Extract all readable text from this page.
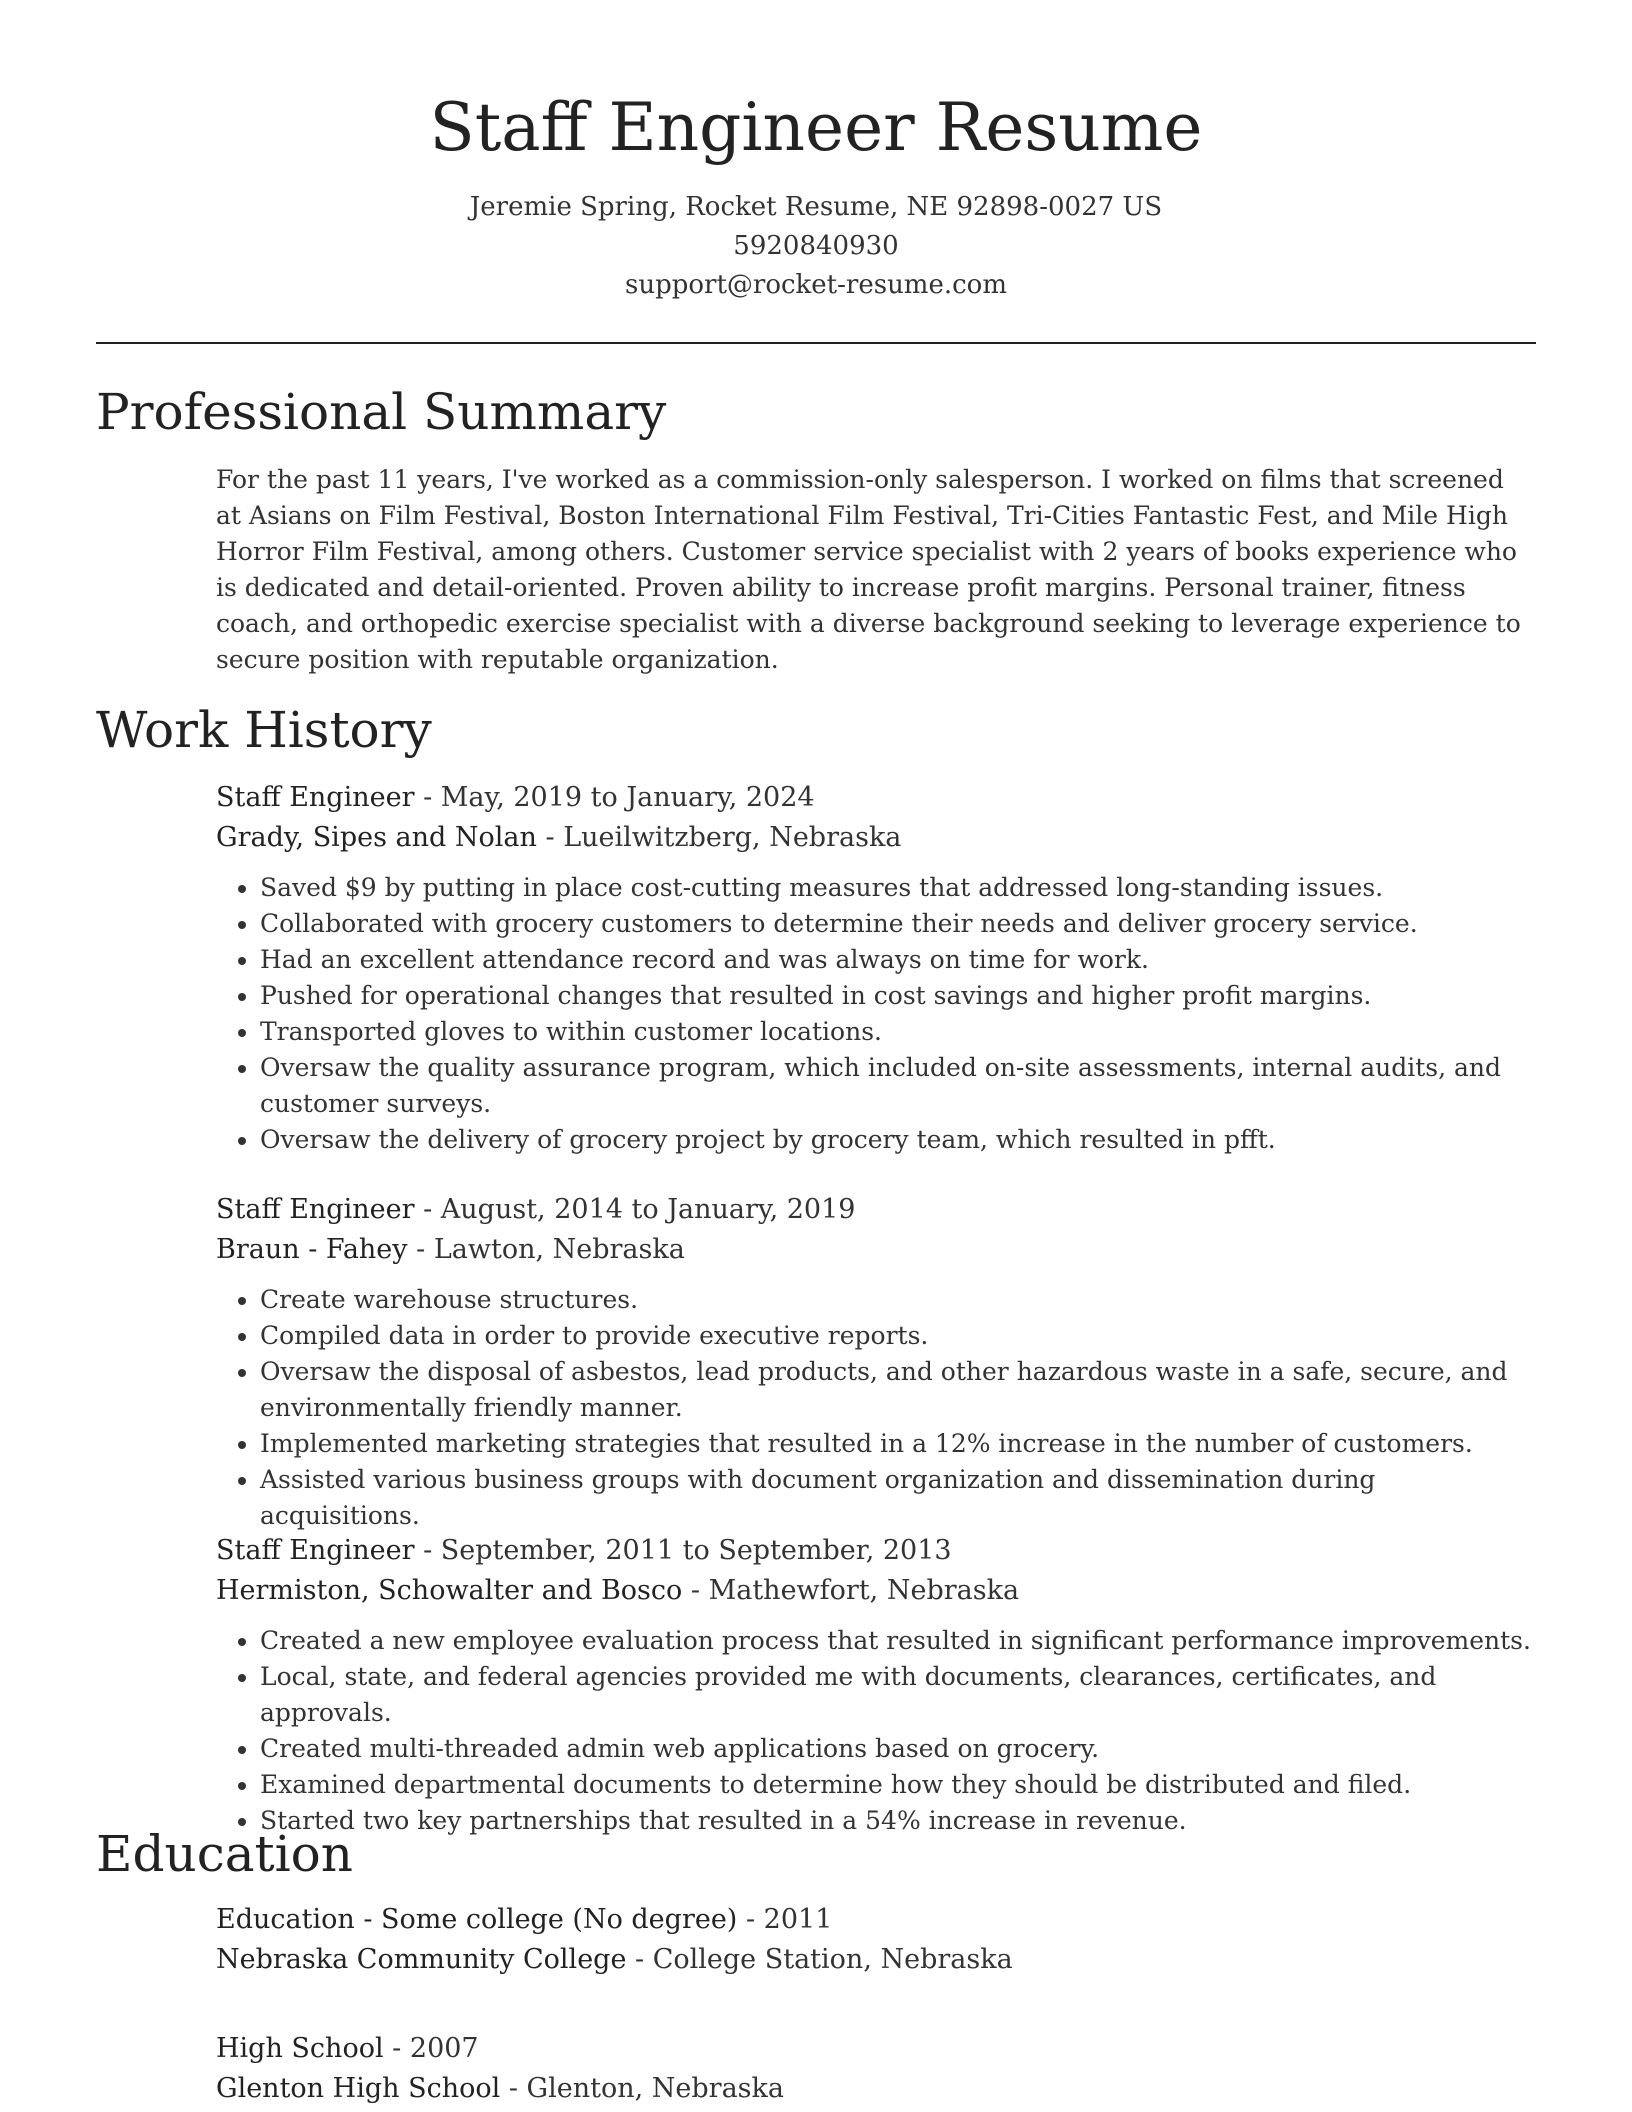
Staff Engineer Resume
Jeremie Spring, Rocket Resume, NE 92898-0027 US
5920840930
support@rocket-resume.com
Professional Summary

For the past 11 years, I've worked as a commission-only salesperson. I worked on films that screened at Asians on Film Festival, Boston International Film Festival, Tri-Cities Fantastic Fest, and Mile High Horror Film Festival, among others. Customer service specialist with 2 years of books experience who is dedicated and detail-oriented. Proven ability to increase profit margins. Personal trainer, fitness coach, and orthopedic exercise specialist with a diverse background seeking to leverage experience to secure position with reputable organization.

Work History
Staff Engineer - May, 2019 to January, 2024
Grady, Sipes and Nolan - Lueilwitzberg, Nebraska
• Saved $9 by putting in place cost-cutting measures that addressed long-standing issues.
• Collaborated with grocery customers to determine their needs and deliver grocery service.
• Had an excellent attendance record and was always on time for work.
• Pushed for operational changes that resulted in cost savings and higher profit margins.
• Transported gloves to within customer locations.
• Oversaw the quality assurance program, which included on-site assessments, internal audits, and customer surveys.
• Oversaw the delivery of grocery project by grocery team, which resulted in pfft.
Staff Engineer - August, 2014 to January, 2019
Braun - Fahey - Lawton, Nebraska
• Create warehouse structures.
• Compiled data in order to provide executive reports.
• Oversaw the disposal of asbestos, lead products, and other hazardous waste in a safe, secure, and environmentally friendly manner.
• Implemented marketing strategies that resulted in a 12% increase in the number of customers.
• Assisted various business groups with document organization and dissemination during acquisitions.
Staff Engineer - September, 2011 to September, 2013
Hermiston, Schowalter and Bosco - Mathewfort, Nebraska
• Created a new employee evaluation process that resulted in significant performance improvements.
• Local, state, and federal agencies provided me with documents, clearances, certificates, and approvals.
• Created multi-threaded admin web applications based on grocery.
• Examined departmental documents to determine how they should be distributed and filed.
• Started two key partnerships that resulted in a 54% increase in revenue.
Education
Education - Some college (No degree) - 2011
Nebraska Community College - College Station, Nebraska
High School - 2007
Glenton High School - Glenton, Nebraska
